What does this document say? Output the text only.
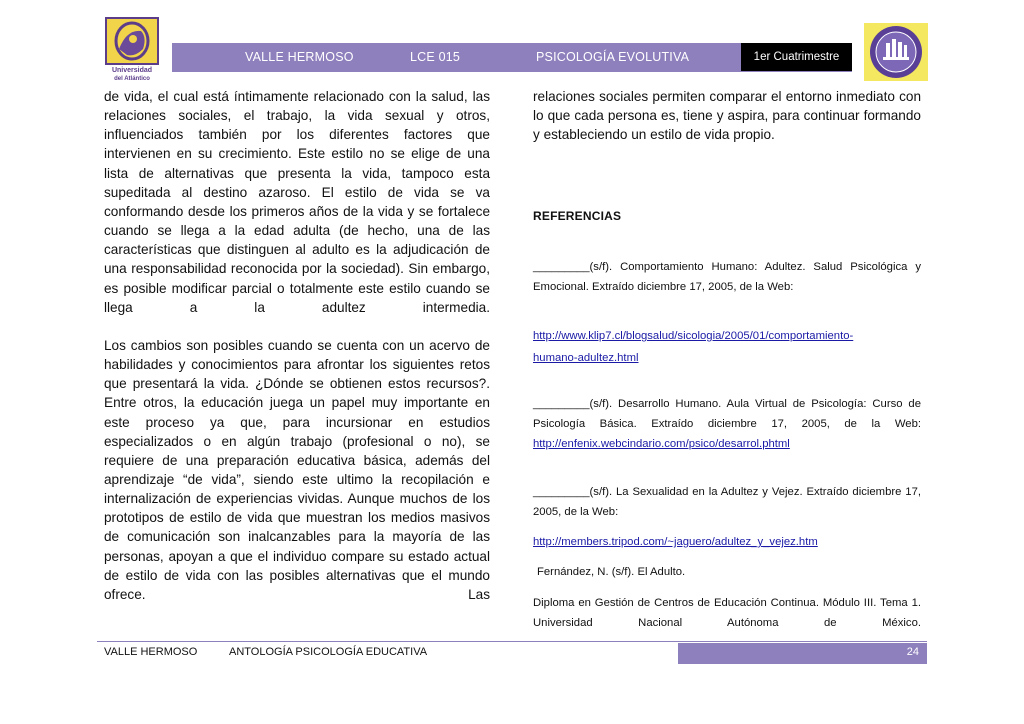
Universidad
del Atlántico
VALLE HERMOSO	LCE 015	PSICOLOGÍA EVOLUTIVA	1er Cuatrimestre

de vida, el cual está íntimamente relacionado con la salud, las relaciones sociales, el trabajo, la vida sexual y otros, influenciados también por los diferentes factores que intervienen en su crecimiento. Este estilo no se elige de una lista de alternativas que presenta la vida, tampoco esta supeditada al destino azaroso. El estilo de vida se va conformando desde los primeros años de la vida y se fortalece cuando se llega a la edad adulta (de hecho, una de las características que distinguen al adulto es la adjudicación de una responsabilidad reconocida por la sociedad). Sin embargo, es posible modificar parcial o totalmente este estilo cuando se llega a la adultez intermedia.

Los cambios son posibles cuando se cuenta con un acervo de habilidades y conocimientos para afrontar los siguientes retos que presentará la vida. ¿Dónde se obtienen estos recursos?. Entre otros, la educación juega un papel muy importante en este proceso ya que, para incursionar en estudios especializados o en algún trabajo (profesional o no), se requiere de una preparación educativa básica, además del aprendizaje “de vida”, siendo este ultimo la recopilación e internalización de experiencias vividas. Aunque muchos de los prototipos de estilo de vida que muestran los medios masivos de comunicación son inalcanzables para la mayoría de las personas, apoyan a que el individuo compare su estado actual de estilo de vida con las posibles alternativas que el mundo ofrece. Las

relaciones sociales permiten comparar el entorno inmediato con lo que cada persona es, tiene y aspira, para continuar formando y estableciendo un estilo de vida propio.

REFERENCIAS

_________(s/f). Comportamiento Humano: Adultez. Salud Psicológica y Emocional. Extraído diciembre 17, 2005, de la Web:

http://www.klip7.cl/blogsalud/sicologia/2005/01/comportamiento-
humano-adultez.html

_________(s/f). Desarrollo Humano. Aula Virtual de Psicología: Curso de Psicología Básica. Extraído diciembre 17, 2005, de la Web:

http://enfenix.webcindario.com/psico/desarrol.phtml

_________(s/f). La Sexualidad en la Adultez y Vejez. Extraído diciembre 17, 2005, de la Web:

http://members.tripod.com/~jaguero/adultez_y_vejez.htm

Fernández, N. (s/f). El Adulto.

Diploma en Gestión de Centros de Educación Continua. Módulo III. Tema 1. Universidad Nacional Autónoma de México.

VALLE HERMOSO	ANTOLOGÍA PSICOLOGÍA EDUCATIVA	24
